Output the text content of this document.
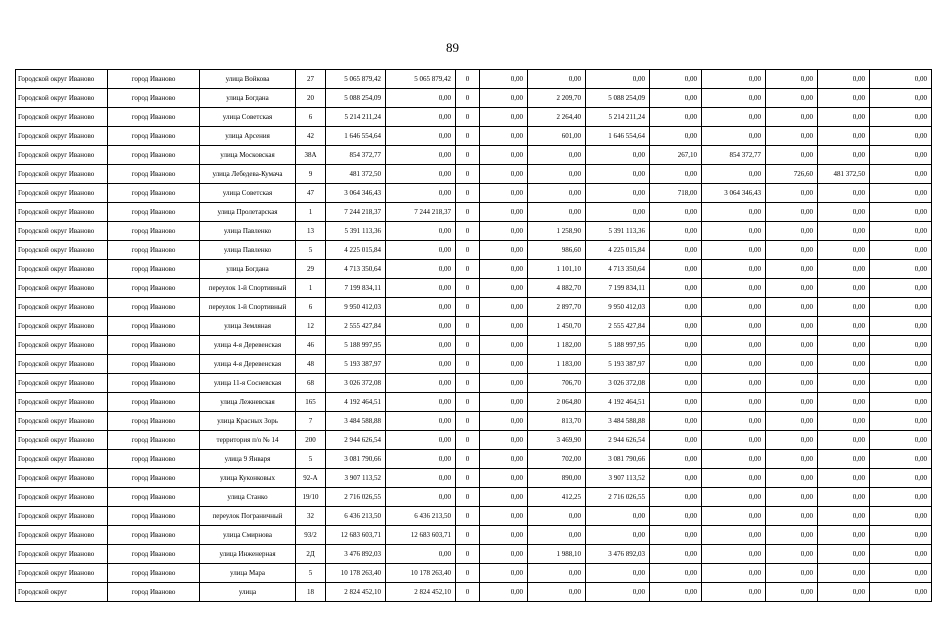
89
Городской округ Иваново	город Иваново	улица Войкова	27	5 065 879,42	5 065 879,42	0	0,00	0,00	0,00	0,00	0,00	0,00	0,00	0,00
Городской округ Иваново	город Иваново	улица Богдана	20	5 088 254,09	0,00	0	0,00	2 209,70	5 088 254,09	0,00	0,00	0,00	0,00	0,00
Городской округ Иваново	город Иваново	улица Советская	6	5 214 211,24	0,00	0	0,00	2 264,40	5 214 211,24	0,00	0,00	0,00	0,00	0,00
Городской округ Иваново	город Иваново	улица Арсения	42	1 646 554,64	0,00	0	0,00	601,00	1 646 554,64	0,00	0,00	0,00	0,00	0,00
Городской округ Иваново	город Иваново	улица Московская	38А	854 372,77	0,00	0	0,00	0,00	0,00	267,10	854 372,77	0,00	0,00	0,00
Городской округ Иваново	город Иваново	улица Лебедева-Кумача	9	481 372,50	0,00	0	0,00	0,00	0,00	0,00	0,00	726,60	481 372,50	0,00
Городской округ Иваново	город Иваново	улица Советская	47	3 064 346,43	0,00	0	0,00	0,00	0,00	718,00	3 064 346,43	0,00	0,00	0,00
Городской округ Иваново	город Иваново	улица Пролетарская	1	7 244 218,37	7 244 218,37	0	0,00	0,00	0,00	0,00	0,00	0,00	0,00	0,00
Городской округ Иваново	город Иваново	улица Павленко	13	5 391 113,36	0,00	0	0,00	1 258,90	5 391 113,36	0,00	0,00	0,00	0,00	0,00
Городской округ Иваново	город Иваново	улица Павленко	5	4 225 015,84	0,00	0	0,00	986,60	4 225 015,84	0,00	0,00	0,00	0,00	0,00
Городской округ Иваново	город Иваново	улица Богдана	29	4 713 350,64	0,00	0	0,00	1 101,10	4 713 350,64	0,00	0,00	0,00	0,00	0,00
Городской округ Иваново	город Иваново	переулок 1-й Спортивный	1	7 199 834,11	0,00	0	0,00	4 882,70	7 199 834,11	0,00	0,00	0,00	0,00	0,00
Городской округ Иваново	город Иваново	переулок 1-й Спортивный	6	9 950 412,03	0,00	0	0,00	2 897,70	9 950 412,03	0,00	0,00	0,00	0,00	0,00
Городской округ Иваново	город Иваново	улица Земляная	12	2 555 427,84	0,00	0	0,00	1 450,70	2 555 427,84	0,00	0,00	0,00	0,00	0,00
Городской округ Иваново	город Иваново	улица 4-я Деревенская	46	5 188 997,95	0,00	0	0,00	1 182,00	5 188 997,95	0,00	0,00	0,00	0,00	0,00
Городской округ Иваново	город Иваново	улица 4-я Деревенская	48	5 193 387,97	0,00	0	0,00	1 183,00	5 193 387,97	0,00	0,00	0,00	0,00	0,00
Городской округ Иваново	город Иваново	улица 11-я Сосневская	68	3 026 372,08	0,00	0	0,00	706,70	3 026 372,08	0,00	0,00	0,00	0,00	0,00
Городской округ Иваново	город Иваново	улица Лежневская	165	4 192 464,51	0,00	0	0,00	2 064,80	4 192 464,51	0,00	0,00	0,00	0,00	0,00
Городской округ Иваново	город Иваново	улица Красных Зорь	7	3 484 588,88	0,00	0	0,00	813,70	3 484 588,88	0,00	0,00	0,00	0,00	0,00
Городской округ Иваново	город Иваново	территория п/о № 14	200	2 944 626,54	0,00	0	0,00	3 469,90	2 944 626,54	0,00	0,00	0,00	0,00	0,00
Городской округ Иваново	город Иваново	улица 9 Января	5	3 081 790,66	0,00	0	0,00	702,00	3 081 790,66	0,00	0,00	0,00	0,00	0,00
Городской округ Иваново	город Иваново	улица Куконковых	92-А	3 907 113,52	0,00	0	0,00	890,00	3 907 113,52	0,00	0,00	0,00	0,00	0,00
Городской округ Иваново	город Иваново	улица Станко	19/10	2 716 026,55	0,00	0	0,00	412,25	2 716 026,55	0,00	0,00	0,00	0,00	0,00
Городской округ Иваново	город Иваново	переулок Пограничный	32	6 436 213,50	6 436 213,50	0	0,00	0,00	0,00	0,00	0,00	0,00	0,00	0,00
Городской округ Иваново	город Иваново	улица Смирнова	93/2	12 683 603,71	12 683 603,71	0	0,00	0,00	0,00	0,00	0,00	0,00	0,00	0,00
Городской округ Иваново	город Иваново	улица Инженерная	2Д	3 476 892,03	0,00	0	0,00	1 988,10	3 476 892,03	0,00	0,00	0,00	0,00	0,00
Городской округ Иваново	город Иваново	улица Мара	5	10 178 263,40	10 178 263,40	0	0,00	0,00	0,00	0,00	0,00	0,00	0,00	0,00
Городской округ	город Иваново	улица	18	2 824 452,10	2 824 452,10	0	0,00	0,00	0,00	0,00	0,00	0,00	0,00	0,00
